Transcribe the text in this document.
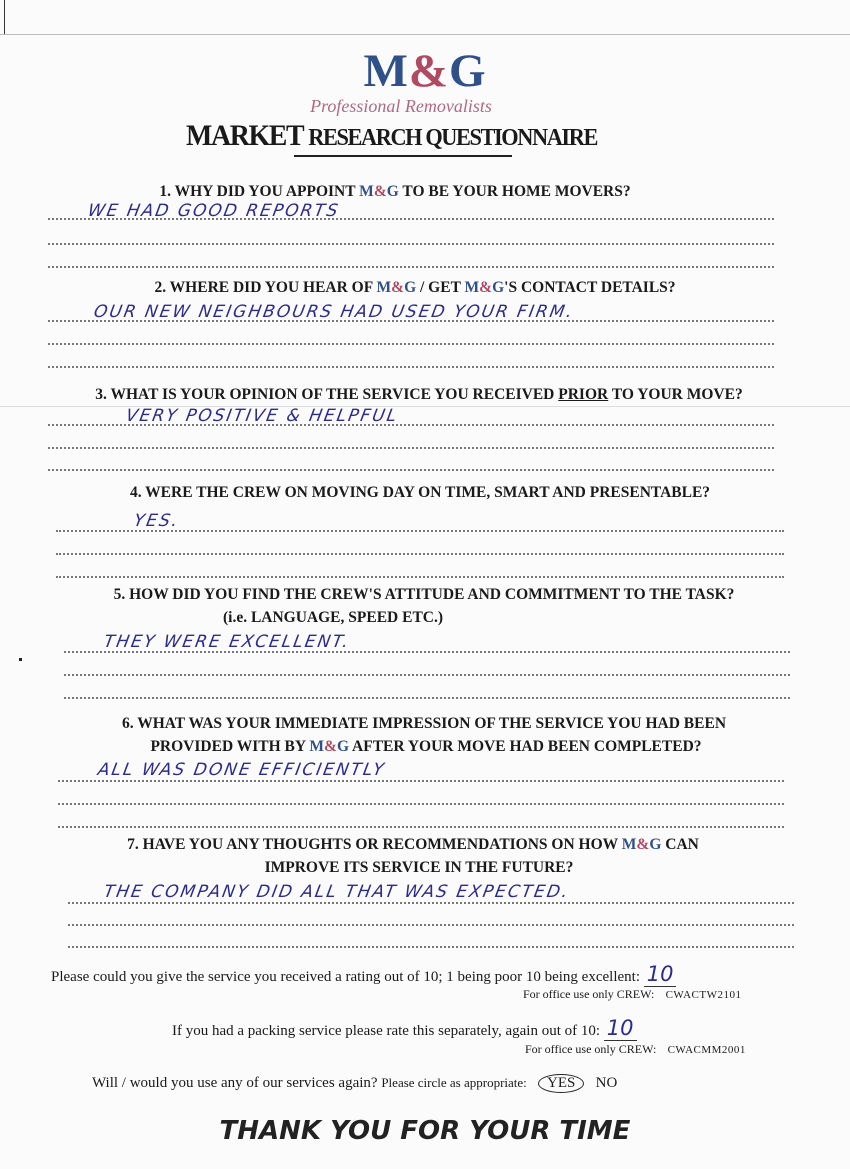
M&G
Professional Removalists
MARKET RESEARCH QUESTIONNAIRE
1. WHY DID YOU APPOINT M&G TO BE YOUR HOME MOVERS?
WE HAD GOOD REPORTS
2. WHERE DID YOU HEAR OF M&G / GET M&G'S CONTACT DETAILS?
OUR NEW NEIGHBOURS HAD USED YOUR FIRM.
3. WHAT IS YOUR OPINION OF THE SERVICE YOU RECEIVED PRIOR TO YOUR MOVE?
VERY POSITIVE & HELPFUL
4. WERE THE CREW ON MOVING DAY ON TIME, SMART AND PRESENTABLE?
YES.
5. HOW DID YOU FIND THE CREW'S ATTITUDE AND COMMITMENT TO THE TASK?
(i.e. LANGUAGE, SPEED ETC.)
THEY WERE EXCELLENT.
6. WHAT WAS YOUR IMMEDIATE IMPRESSION OF THE SERVICE YOU HAD BEEN
PROVIDED WITH BY M&G AFTER YOUR MOVE HAD BEEN COMPLETED?
ALL WAS DONE EFFICIENTLY
7. HAVE YOU ANY THOUGHTS OR RECOMMENDATIONS ON HOW M&G CAN
IMPROVE ITS SERVICE IN THE FUTURE?
THE COMPANY DID ALL THAT WAS EXPECTED.
Please could you give the service you received a rating out of 10; 1 being poor 10 being excellent: 10
For office use only CREW: CWACTW2101
If you had a packing service please rate this separately, again out of 10: 10
For office use only CREW: CWACMM2001
Will / would you use any of our services again? Please circle as appropriate: YES NO
THANK YOU FOR YOUR TIME
